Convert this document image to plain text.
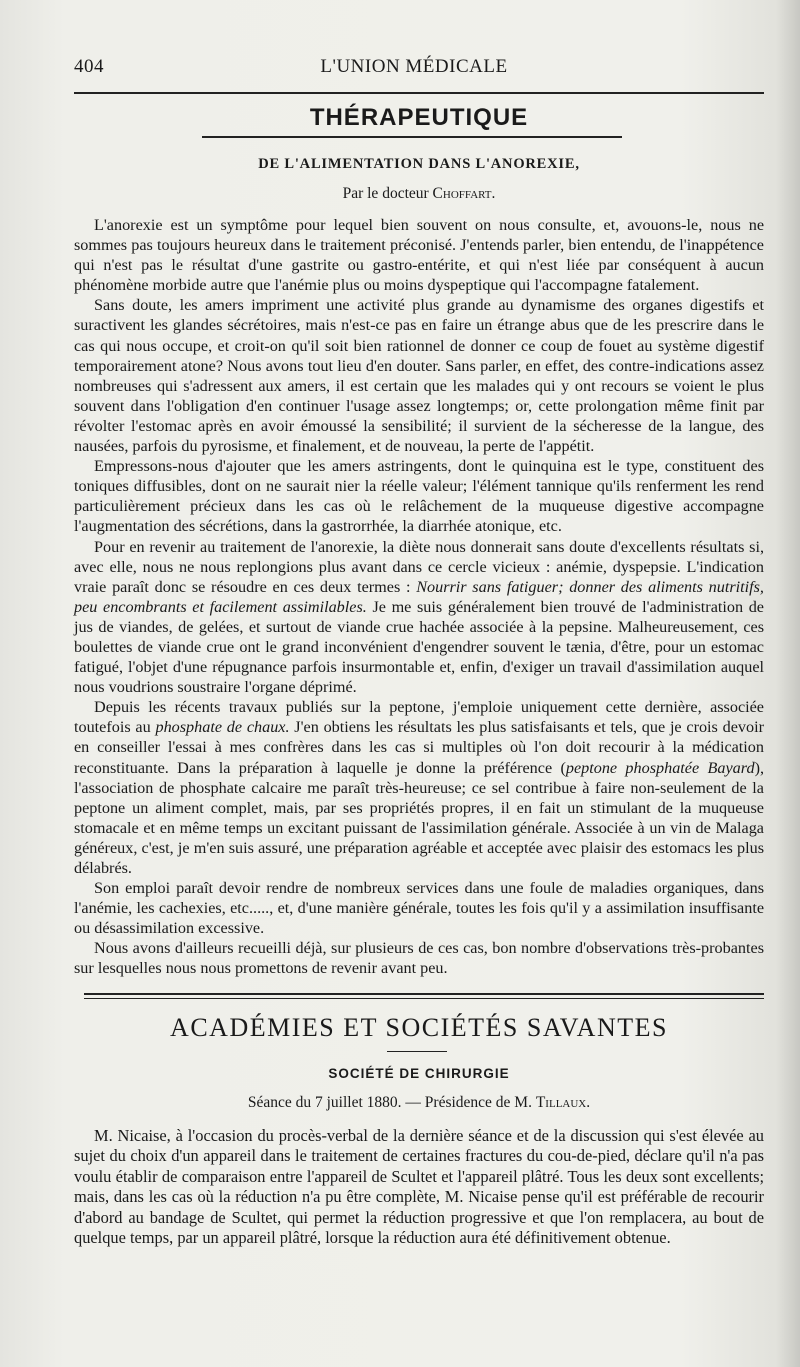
404	L'UNION MÉDICALE
THÉRAPEUTIQUE
DE L'ALIMENTATION DANS L'ANOREXIE,
Par le docteur Choffart.

L'anorexie est un symptôme pour lequel bien souvent on nous consulte, et, avouons-le, nous ne sommes pas toujours heureux dans le traitement préconisé. J'entends parler, bien entendu, de l'inappétence qui n'est pas le résultat d'une gastrite ou gastro-entérite, et qui n'est liée par conséquent à aucun phénomène morbide autre que l'anémie plus ou moins dyspeptique qui l'accompagne fatalement.

Sans doute, les amers impriment une activité plus grande au dynamisme des organes digestifs et suractivent les glandes sécrétoires, mais n'est-ce pas en faire un étrange abus que de les prescrire dans le cas qui nous occupe, et croit-on qu'il soit bien rationnel de donner ce coup de fouet au système digestif temporairement atone? Nous avons tout lieu d'en douter. Sans parler, en effet, des contre-indications assez nombreuses qui s'adressent aux amers, il est certain que les malades qui y ont recours se voient le plus souvent dans l'obligation d'en continuer l'usage assez longtemps; or, cette prolongation même finit par révolter l'estomac après en avoir émoussé la sensibilité; il survient de la sécheresse de la langue, des nausées, parfois du pyrosisme, et finalement, et de nouveau, la perte de l'appétit.

Empressons-nous d'ajouter que les amers astringents, dont le quinquina est le type, constituent des toniques diffusibles, dont on ne saurait nier la réelle valeur; l'élément tannique qu'ils renferment les rend particulièrement précieux dans les cas où le relâchement de la muqueuse digestive accompagne l'augmentation des sécrétions, dans la gastrorrhée, la diarrhée atonique, etc.

Pour en revenir au traitement de l'anorexie, la diète nous donnerait sans doute d'excellents résultats si, avec elle, nous ne nous replongions plus avant dans ce cercle vicieux : anémie, dyspepsie. L'indication vraie paraît donc se résoudre en ces deux termes : Nourrir sans fatiguer; donner des aliments nutritifs, peu encombrants et facilement assimilables. Je me suis généralement bien trouvé de l'administration de jus de viandes, de gelées, et surtout de viande crue hachée associée à la pepsine. Malheureusement, ces boulettes de viande crue ont le grand inconvénient d'engendrer souvent le tænia, d'être, pour un estomac fatigué, l'objet d'une répugnance parfois insurmontable et, enfin, d'exiger un travail d'assimilation auquel nous voudrions soustraire l'organe déprimé.

Depuis les récents travaux publiés sur la peptone, j'emploie uniquement cette dernière, associée toutefois au phosphate de chaux. J'en obtiens les résultats les plus satisfaisants et tels, que je crois devoir en conseiller l'essai à mes confrères dans les cas si multiples où l'on doit recourir à la médication reconstituante. Dans la préparation à laquelle je donne la préférence (peptone phosphatée Bayard), l'association de phosphate calcaire me paraît très-heureuse; ce sel contribue à faire non-seulement de la peptone un aliment complet, mais, par ses propriétés propres, il en fait un stimulant de la muqueuse stomacale et en même temps un excitant puissant de l'assimilation générale. Associée à un vin de Malaga généreux, c'est, je m'en suis assuré, une préparation agréable et acceptée avec plaisir des estomacs les plus délabrés.

Son emploi paraît devoir rendre de nombreux services dans une foule de maladies organiques, dans l'anémie, les cachexies, etc....., et, d'une manière générale, toutes les fois qu'il y a assimilation insuffisante ou désassimilation excessive.

Nous avons d'ailleurs recueilli déjà, sur plusieurs de ces cas, bon nombre d'observations très-probantes sur lesquelles nous nous promettons de revenir avant peu.

ACADÉMIES ET SOCIÉTÉS SAVANTES
SOCIÉTÉ DE CHIRURGIE
Séance du 7 juillet 1880. — Présidence de M. Tillaux.

M. Nicaise, à l'occasion du procès-verbal de la dernière séance et de la discussion qui s'est élevée au sujet du choix d'un appareil dans le traitement de certaines fractures du cou-de-pied, déclare qu'il n'a pas voulu établir de comparaison entre l'appareil de Scultet et l'appareil plâtré. Tous les deux sont excellents; mais, dans les cas où la réduction n'a pu être complète, M. Nicaise pense qu'il est préférable de recourir d'abord au bandage de Scultet, qui permet la réduction progressive et que l'on remplacera, au bout de quelque temps, par un appareil plâtré, lorsque la réduction aura été définitivement obtenue.
